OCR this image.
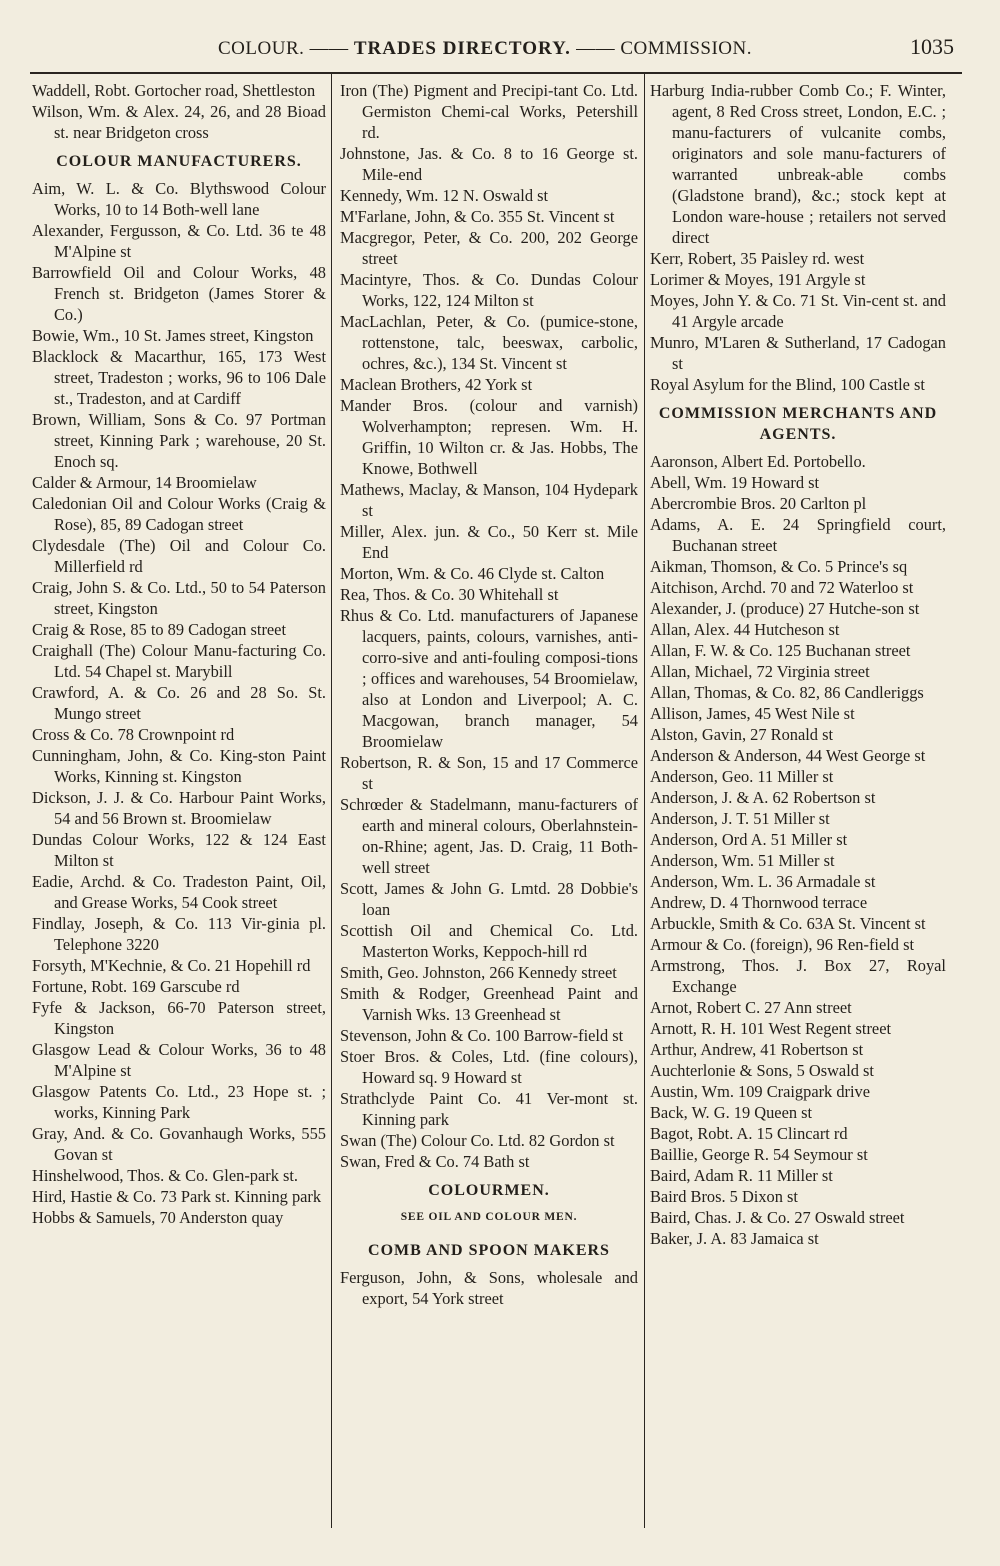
COLOUR. —— TRADES DIRECTORY. —— COMMISSION.	1035
Waddell, Robt. Gortocher road, Shettleston
Wilson, Wm. & Alex. 24, 26, and 28 Bioad st. near Bridgeton cross
COLOUR MANUFACTURERS.
Aim, W. L. & Co. Blythswood Colour Works, 10 to 14 Both-well lane
Alexander, Fergusson, & Co. Ltd. 36 te 48 M'Alpine st
Barrowfield Oil and Colour Works, 48 French st. Bridgeton (James Storer & Co.)
Bowie, Wm., 10 St. James street, Kingston
Blacklock & Macarthur, 165, 173 West street, Tradeston ; works, 96 to 106 Dale st., Tradeston, and at Cardiff
Brown, William, Sons & Co. 97 Portman street, Kinning Park ; warehouse, 20 St. Enoch sq.
Calder & Armour, 14 Broomielaw
Caledonian Oil and Colour Works (Craig & Rose), 85, 89 Cadogan street
Clydesdale (The) Oil and Colour Co. Millerfield rd
Craig, John S. & Co. Ltd., 50 to 54 Paterson street, Kingston
Craig & Rose, 85 to 89 Cadogan street
Craighall (The) Colour Manu-facturing Co. Ltd. 54 Chapel st. Marybill
Crawford, A. & Co. 26 and 28 So. St. Mungo street
Cross & Co. 78 Crownpoint rd
Cunningham, John, & Co. King-ston Paint Works, Kinning st. Kingston
Dickson, J. J. & Co. Harbour Paint Works, 54 and 56 Brown st. Broomielaw
Dundas Colour Works, 122 & 124 East Milton st
Eadie, Archd. & Co. Tradeston Paint, Oil, and Grease Works, 54 Cook street
Findlay, Joseph, & Co. 113 Vir-ginia pl. Telephone 3220
Forsyth, M'Kechnie, & Co. 21 Hopehill rd
Fortune, Robt. 169 Garscube rd
Fyfe & Jackson, 66-70 Paterson street, Kingston
Glasgow Lead & Colour Works, 36 to 48 M'Alpine st
Glasgow Patents Co. Ltd., 23 Hope st. ; works, Kinning Park
Gray, And. & Co. Govanhaugh Works, 555 Govan st
Hinshelwood, Thos. & Co. Glen-park st.
Hird, Hastie & Co. 73 Park st. Kinning park
Hobbs & Samuels, 70 Anderston quay
Iron (The) Pigment and Precipi-tant Co. Ltd. Germiston Chemi-cal Works, Petershill rd.
Johnstone, Jas. & Co. 8 to 16 George st. Mile-end
Kennedy, Wm. 12 N. Oswald st
M'Farlane, John, & Co. 355 St. Vincent st
Macgregor, Peter, & Co. 200, 202 George street
Macintyre, Thos. & Co. Dundas Colour Works, 122, 124 Milton st
MacLachlan, Peter, & Co. (pumice-stone, rottenstone, talc, beeswax, carbolic, ochres, &c.), 134 St. Vincent st
Maclean Brothers, 42 York st
Mander Bros. (colour and varnish) Wolverhampton; represen. Wm. H. Griffin, 10 Wilton cr. & Jas. Hobbs, The Knowe, Bothwell
Mathews, Maclay, & Manson, 104 Hydepark st
Miller, Alex. jun. & Co., 50 Kerr st. Mile End
Morton, Wm. & Co. 46 Clyde st. Calton
Rea, Thos. & Co. 30 Whitehall st
Rhus & Co. Ltd. manufacturers of Japanese lacquers, paints, colours, varnishes, anti-corro-sive and anti-fouling composi-tions ; offices and warehouses, 54 Broomielaw, also at London and Liverpool; A. C. Macgowan, branch manager, 54 Broomielaw
Robertson, R. & Son, 15 and 17 Commerce st
Schrœder & Stadelmann, manu-facturers of earth and mineral colours, Oberlahnstein-on-Rhine; agent, Jas. D. Craig, 11 Both-well street
Scott, James & John G. Lmtd. 28 Dobbie's loan
Scottish Oil and Chemical Co. Ltd. Masterton Works, Keppoch-hill rd
Smith, Geo. Johnston, 266 Kennedy street
Smith & Rodger, Greenhead Paint and Varnish Wks. 13 Greenhead st
Stevenson, John & Co. 100 Barrow-field st
Stoer Bros. & Coles, Ltd. (fine colours), Howard sq. 9 Howard st
Strathclyde Paint Co. 41 Ver-mont st. Kinning park
Swan (The) Colour Co. Ltd. 82 Gordon st
Swan, Fred & Co. 74 Bath st
COLOURMEN.
SEE OIL AND COLOUR MEN.
COMB AND SPOON MAKERS
Ferguson, John, & Sons, wholesale and export, 54 York street
Harburg India-rubber Comb Co.; F. Winter, agent, 8 Red Cross street, London, E.C. ; manu-facturers of vulcanite combs, originators and sole manu-facturers of warranted unbreak-able combs (Gladstone brand), &c.; stock kept at London ware-house ; retailers not served direct
Kerr, Robert, 35 Paisley rd. west
Lorimer & Moyes, 191 Argyle st
Moyes, John Y. & Co. 71 St. Vin-cent st. and 41 Argyle arcade
Munro, M'Laren & Sutherland, 17 Cadogan st
Royal Asylum for the Blind, 100 Castle st
COMMISSION MERCHANTS AND AGENTS.
Aaronson, Albert Ed. Portobello.
Abell, Wm. 19 Howard st
Abercrombie Bros. 20 Carlton pl
Adams, A. E. 24 Springfield court, Buchanan street
Aikman, Thomson, & Co. 5 Prince's sq
Aitchison, Archd. 70 and 72 Waterloo st
Alexander, J. (produce) 27 Hutche-son st
Allan, Alex. 44 Hutcheson st
Allan, F. W. & Co. 125 Buchanan street
Allan, Michael, 72 Virginia street
Allan, Thomas, & Co. 82, 86 Candleriggs
Allison, James, 45 West Nile st
Alston, Gavin, 27 Ronald st
Anderson & Anderson, 44 West George st
Anderson, Geo. 11 Miller st
Anderson, J. & A. 62 Robertson st
Anderson, J. T. 51 Miller st
Anderson, Ord A. 51 Miller st
Anderson, Wm. 51 Miller st
Anderson, Wm. L. 36 Armadale st
Andrew, D. 4 Thornwood terrace
Arbuckle, Smith & Co. 63A St. Vincent st
Armour & Co. (foreign), 96 Ren-field st
Armstrong, Thos. J. Box 27, Royal Exchange
Arnot, Robert C. 27 Ann street
Arnott, R. H. 101 West Regent street
Arthur, Andrew, 41 Robertson st
Auchterlonie & Sons, 5 Oswald st
Austin, Wm. 109 Craigpark drive
Back, W. G. 19 Queen st
Bagot, Robt. A. 15 Clincart rd
Baillie, George R. 54 Seymour st
Baird, Adam R. 11 Miller st
Baird Bros. 5 Dixon st
Baird, Chas. J. & Co. 27 Oswald street
Baker, J. A. 83 Jamaica st
